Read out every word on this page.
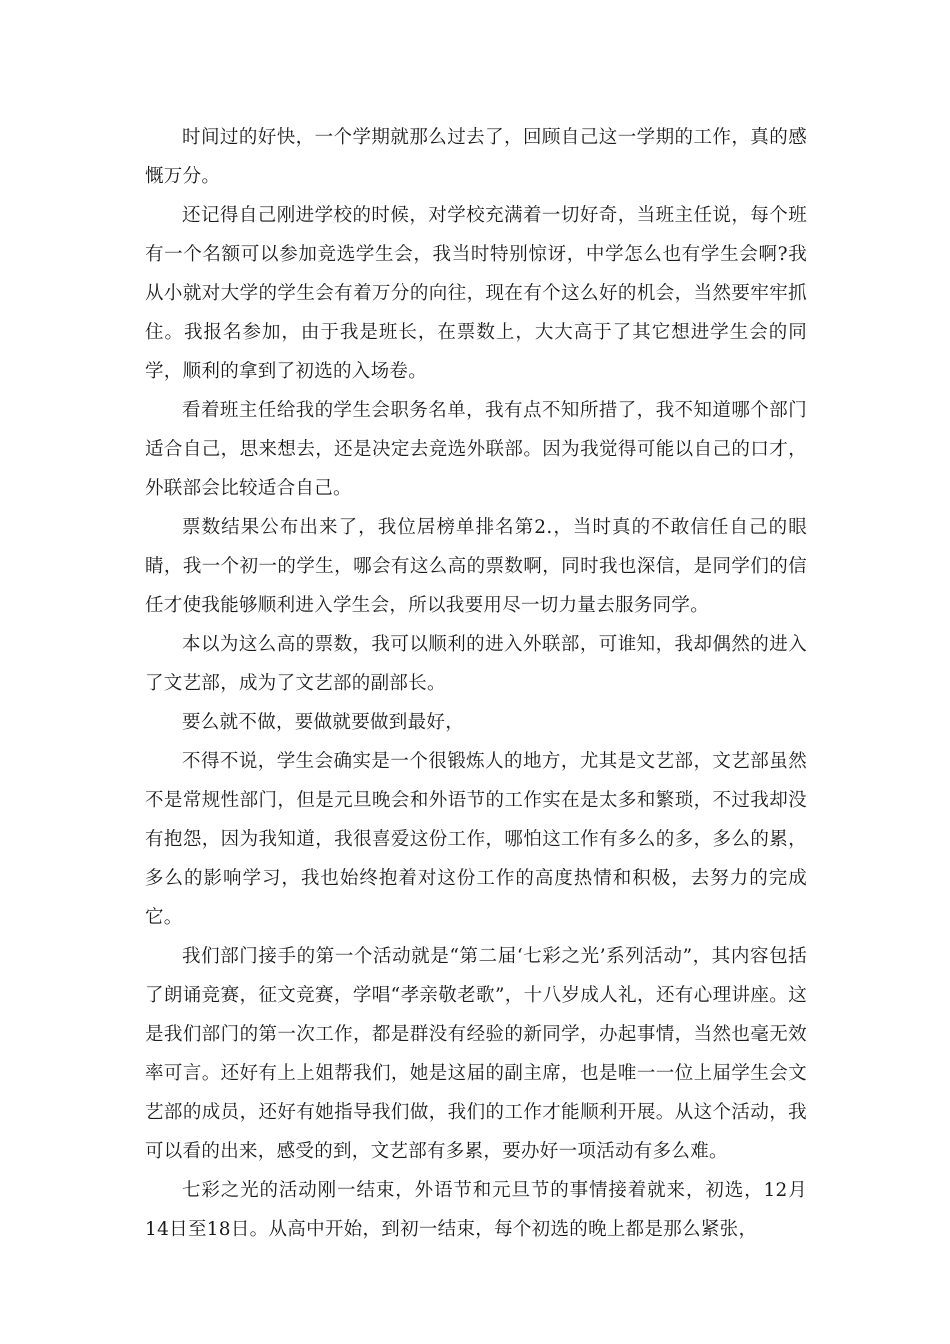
时间过的好快，一个学期就那么过去了，回顾自己这一学期的工作，真的感慨万分。

还记得自己刚进学校的时候，对学校充满着一切好奇，当班主任说，每个班有一个名额可以参加竞选学生会，我当时特别惊讶，中学怎么也有学生会啊?我从小就对大学的学生会有着万分的向往，现在有个这么好的机会，当然要牢牢抓住。我报名参加，由于我是班长，在票数上，大大高于了其它想进学生会的同学，顺利的拿到了初选的入场卷。

看着班主任给我的学生会职务名单，我有点不知所措了，我不知道哪个部门适合自己，思来想去，还是决定去竞选外联部。因为我觉得可能以自己的口才，外联部会比较适合自己。

票数结果公布出来了，我位居榜单排名第2.，当时真的不敢信任自己的眼睛，我一个初一的学生，哪会有这么高的票数啊，同时我也深信，是同学们的信任才使我能够顺利进入学生会，所以我要用尽一切力量去服务同学。

本以为这么高的票数，我可以顺利的进入外联部，可谁知，我却偶然的进入了文艺部，成为了文艺部的副部长。

要么就不做，要做就要做到最好，

不得不说，学生会确实是一个很锻炼人的地方，尤其是文艺部，文艺部虽然不是常规性部门，但是元旦晚会和外语节的工作实在是太多和繁琐，不过我却没有抱怨，因为我知道，我很喜爱这份工作，哪怕这工作有多么的多，多么的累，多么的影响学习，我也始终抱着对这份工作的高度热情和积极，去努力的完成它。

我们部门接手的第一个活动就是“第二届‘七彩之光’系列活动”，其内容包括了朗诵竞赛，征文竞赛，学唱“孝亲敬老歌”，十八岁成人礼，还有心理讲座。这是我们部门的第一次工作，都是群没有经验的新同学，办起事情，当然也毫无效率可言。还好有上上姐帮我们，她是这届的副主席，也是唯一一位上届学生会文艺部的成员，还好有她指导我们做，我们的工作才能顺利开展。从这个活动，我可以看的出来，感受的到，文艺部有多累，要办好一项活动有多么难。

七彩之光的活动刚一结束，外语节和元旦节的事情接着就来，初选，12月14日至18日。从高中开始，到初一结束，每个初选的晚上都是那么紧张，
